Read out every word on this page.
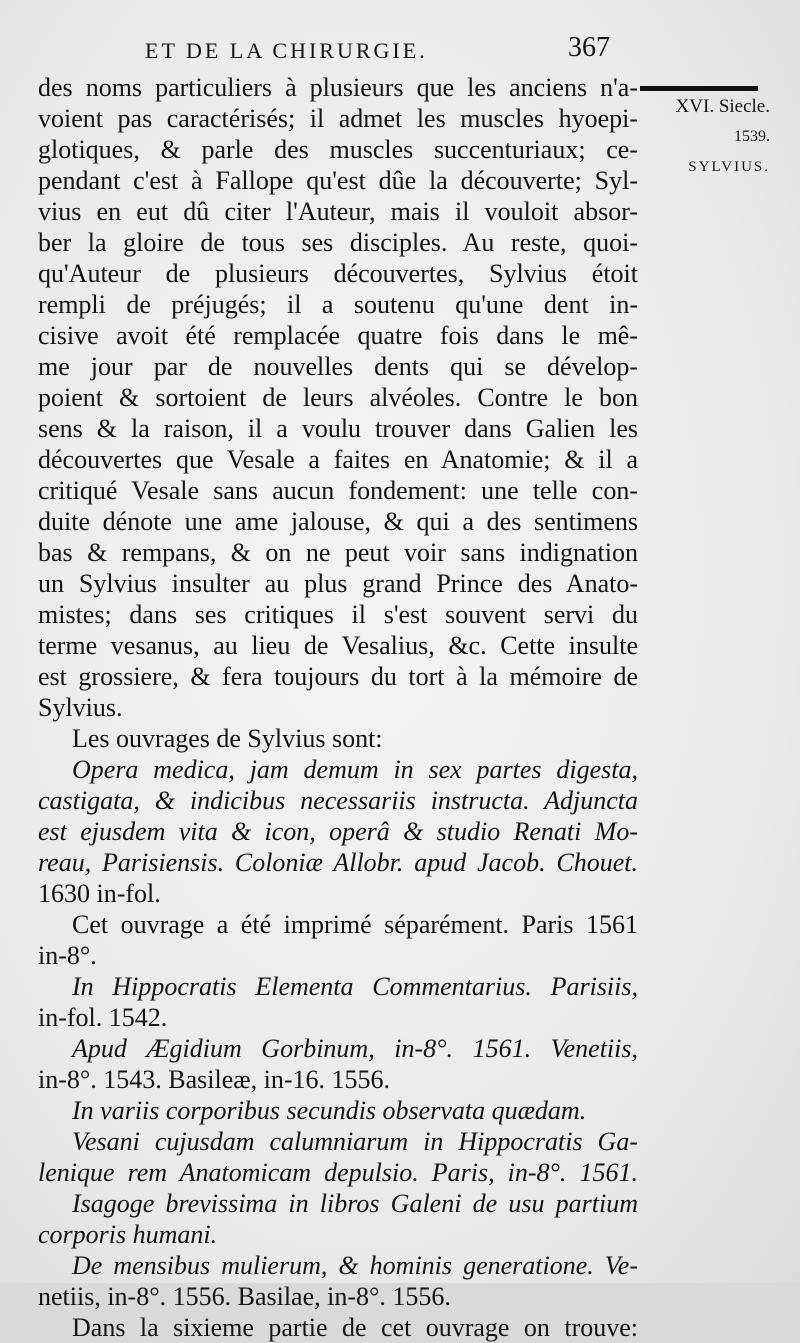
ET DE LA CHIRURGIE.	367
XVI. Siecle.
1539.
SYLVIUS.
des noms particuliers à plusieurs que les anciens n'a-
voient pas caractérisés; il admet les muscles hyoepi-
glotiques, & parle des muscles succenturiaux; ce-
pendant c'est à Fallope qu'est dûe la découverte; Syl-
vius en eut dû citer l'Auteur, mais il vouloit absor-
ber la gloire de tous ses disciples. Au reste, quoi-
qu'Auteur de plusieurs découvertes, Sylvius étoit
rempli de préjugés; il a soutenu qu'une dent in-
cisive avoit été remplacée quatre fois dans le mê-
me jour par de nouvelles dents qui se dévelop-
poient & sortoient de leurs alvéoles. Contre le bon
sens & la raison, il a voulu trouver dans Galien les
découvertes que Vesale a faites en Anatomie; & il a
critiqué Vesale sans aucun fondement: une telle con-
duite dénote une ame jalouse, & qui a des sentimens
bas & rempans, & on ne peut voir sans indignation
un Sylvius insulter au plus grand Prince des Anato-
mistes; dans ses critiques il s'est souvent servi du
terme vesanus, au lieu de Vesalius, &c. Cette insulte
est grossiere, & fera toujours du tort à la mémoire de
Sylvius.
Les ouvrages de Sylvius sont:
Opera medica, jam demum in sex partes digesta,
castigata, & indicibus necessariis instructa. Adjuncta
est ejusdem vita & icon, operâ & studio Renati Mo-
reau, Parisiensis. Coloniæ Allobr. apud Jacob. Chouet.
1630 in-fol.
Cet ouvrage a été imprimé séparément. Paris 1561
in-8°.
In Hippocratis Elementa Commentarius. Parisiis,
in-fol. 1542.
Apud Ægidium Gorbinum, in-8°. 1561. Venetiis,
in-8°. 1543. Basileæ, in-16. 1556.
In variis corporibus secundis observata quædam.
Vesani cujusdam calumniarum in Hippocratis Ga-
lenique rem Anatomicam depulsio. Paris, in-8°. 1561.
Isagoge brevissima in libros Galeni de usu partium
corporis humani.
De mensibus mulierum, & hominis generatione. Ve-
netiis, in-8°. 1556. Basilae, in-8°. 1556.
Dans la sixieme partie de cet ouvrage on trouve:
